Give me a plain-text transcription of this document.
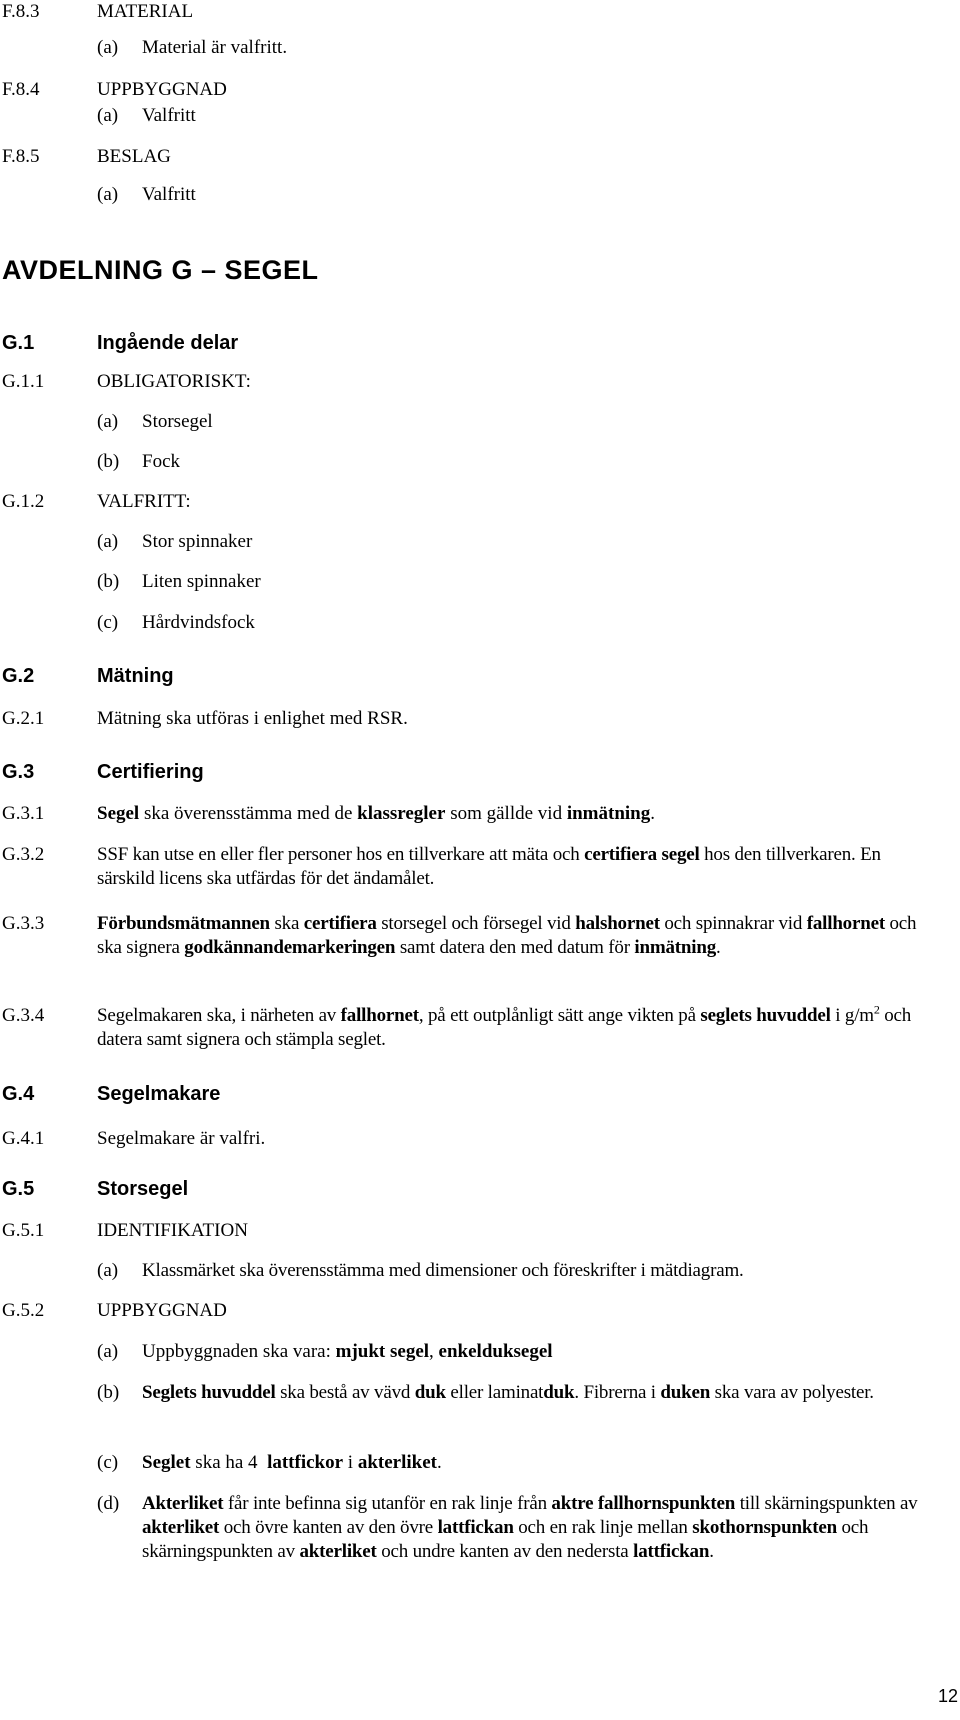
F.8.3	MATERIAL
(a) Material är valfritt.
F.8.4	UPPBYGGNAD
(a) Valfritt
F.8.5	BESLAG
(a) Valfritt
AVDELNING G – SEGEL
G.1	Ingående delar
G.1.1	OBLIGATORISKT:
(a) Storsegel
(b) Fock
G.1.2	VALFRITT:
(a) Stor spinnaker
(b) Liten spinnaker
(c) Hårdvindsfock
G.2	Mätning
G.2.1	Mätning ska utföras i enlighet med RSR.
G.3	Certifiering
G.3.1	Segel ska överensstämma med de klassregler som gällde vid inmätning.
G.3.2	SSF kan utse en eller fler personer hos en tillverkare att mäta och certifiera segel hos den tillverkaren. En särskild licens ska utfärdas för det ändamålet.
G.3.3	Förbundsmätmannen ska certifiera storsegel och försegel vid halshornet och spinnakrar vid fallhornet och ska signera godkännandemarkeringen samt datera den med datum för inmätning.
G.3.4	Segelmakaren ska, i närheten av fallhornet, på ett outplånligt sätt ange vikten på seglets huvuddel i $g/m^2$ och datera samt signera och stämpla seglet.
G.4	Segelmakare
G.4.1	Segelmakare är valfri.
G.5	Storsegel
G.5.1	IDENTIFIKATION
(a) Klassmärket ska överensstämma med dimensioner och föreskrifter i mätdiagram.
G.5.2	UPPBYGGNAD
(a) Uppbyggnaden ska vara: mjukt segel, enkelduksegel
(b) Seglets huvuddel ska bestå av vävd duk eller laminatduk. Fibrerna i duken ska vara av polyester.
(c) Seglet ska ha 4  lattfickor i akterliket.
(d) Akterliket får inte befinna sig utanför en rak linje från aktre fallhornspunkten till skärningspunkten av akterliket och övre kanten av den övre lattfickan och en rak linje mellan skothornspunkten och skärningspunkten av akterliket och undre kanten av den nedersta lattfickan.
12
